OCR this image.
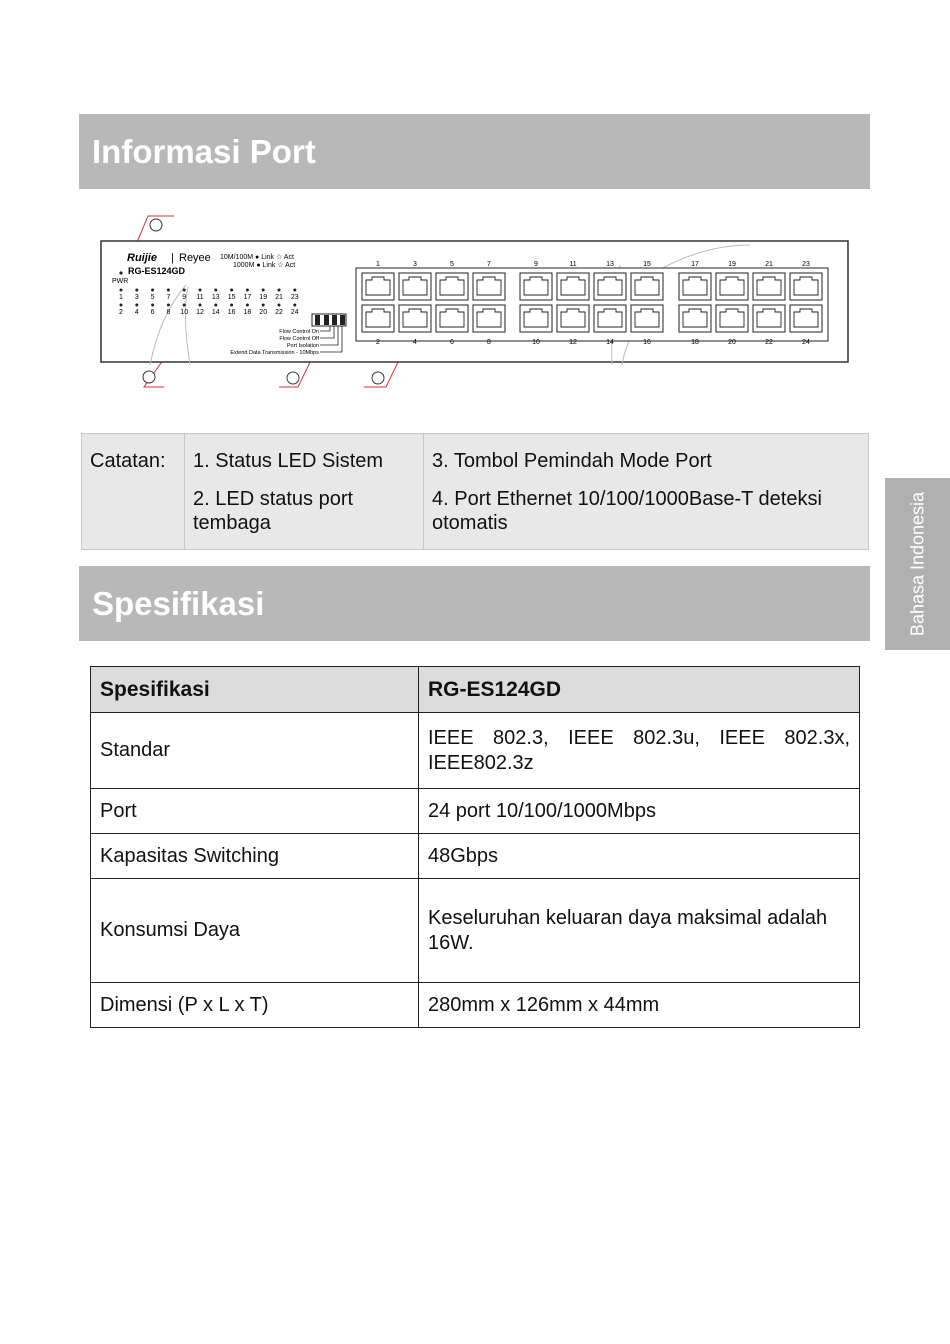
Informasi Port
Bahasa Indonesia
Ruijie | Reyee 10M/100M ● Link ☆ Act
1000M ● Link ☆ Act
RG-ES124GD
PWR
1 3 5 7 9 11 13 15 17 19 21 23
2 4 6 8 10 12 14 16 18 20 22 24
Flow Control On
Flow Control Off
Port Isolation
Extend Data Transmission - 10Mbps
1	3	5	7	9	11	13	15	17	19	21	23
2	4	6	8	10	12	14	16	18	20	22	24
Catatan:	1. Status LED Sistem

2. LED status port tembaga

3. Tombol Pemindah Mode Port

4. Port Ethernet 10/100/1000Base-T deteksi otomatis

Spesifikasi
Spesifikasi	RG-ES124GD
Standar	IEEE 802.3, IEEE 802.3u, IEEE 802.3x, IEEE802.3z
Port	24 port 10/100/1000Mbps
Kapasitas Switching	48Gbps
Konsumsi Daya	Keseluruhan keluaran daya maksimal adalah 16W.
Dimensi (P x L x T)	280mm x 126mm x 44mm
